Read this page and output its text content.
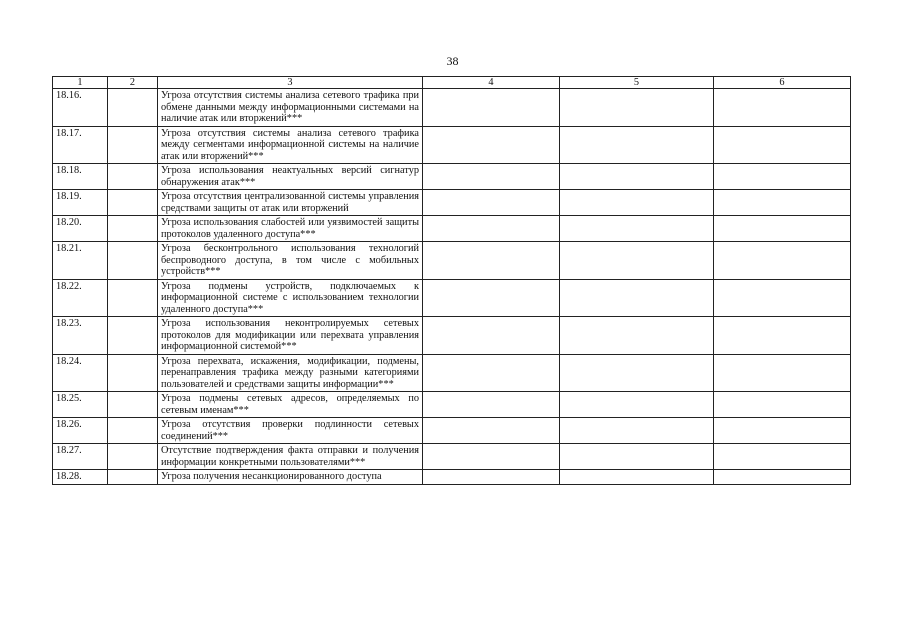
38
1	2	3	4	5	6
18.16.		Угроза отсутствия системы анализа сетевого трафика при обмене данными между информационными системами на наличие атак или вторжений***			
18.17.		Угроза отсутствия системы анализа сетевого трафика между сегментами информационной системы на наличие атак или вторжений***			
18.18.		Угроза использования неактуальных версий сигнатур обнаружения атак***			
18.19.		Угроза отсутствия централизованной системы управления средствами защиты от атак или вторжений			
18.20.		Угроза использования слабостей или уязвимостей защиты протоколов удаленного доступа***			
18.21.		Угроза бесконтрольного использования технологий беспроводного доступа, в том числе с мобильных устройств***			
18.22.		Угроза подмены устройств, подключаемых к информационной системе с использованием технологии удаленного доступа***			
18.23.		Угроза использования неконтролируемых сетевых протоколов для модификации или перехвата управления информационной системой***			
18.24.		Угроза перехвата, искажения, модификации, подмены, перенаправления трафика между разными категориями пользователей и средствами защиты информации***			
18.25.		Угроза подмены сетевых адресов, определяемых по сетевым именам***			
18.26.		Угроза отсутствия проверки подлинности сетевых соединений***			
18.27.		Отсутствие подтверждения факта отправки и получения информации конкретными пользователями***			
18.28.		Угроза получения несанкционированного доступа			
